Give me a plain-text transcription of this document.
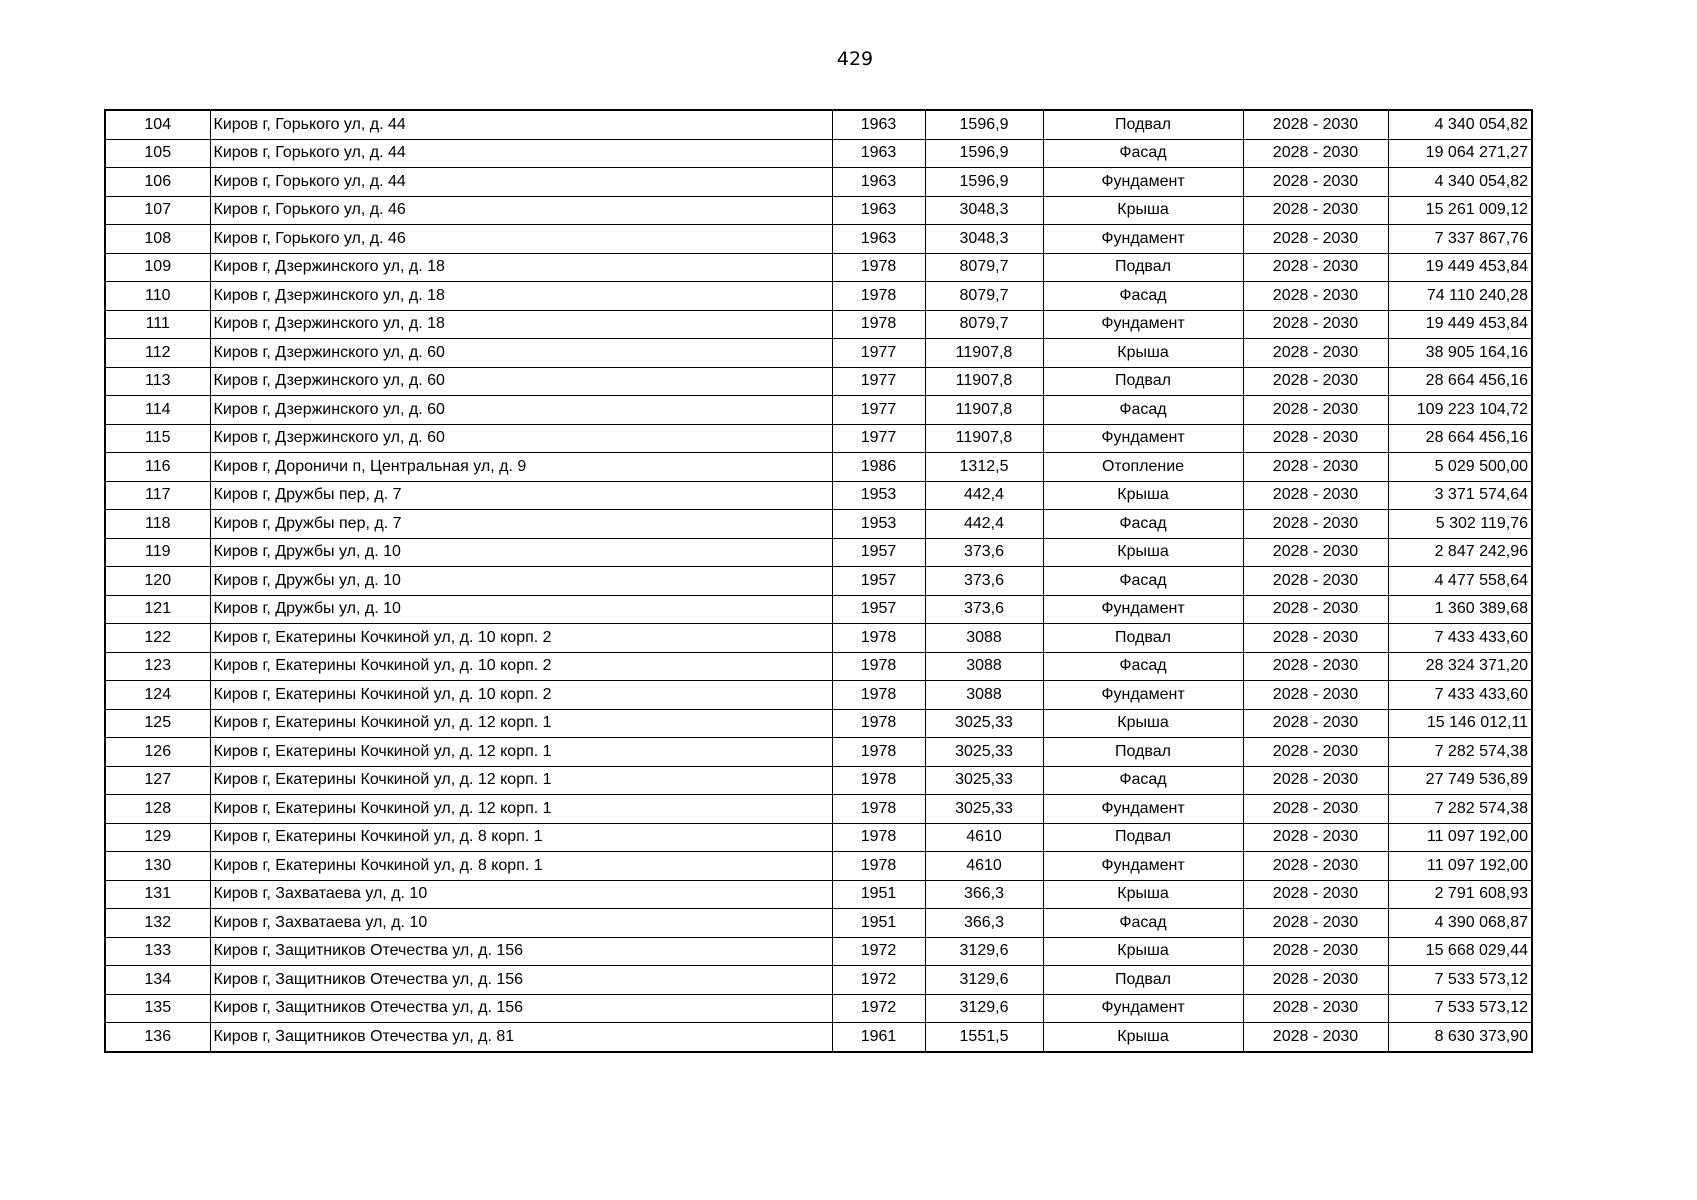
429
104	Киров г, Горького ул, д. 44	1963	1596,9	Подвал	2028 - 2030	4 340 054,82
105	Киров г, Горького ул, д. 44	1963	1596,9	Фасад	2028 - 2030	19 064 271,27
106	Киров г, Горького ул, д. 44	1963	1596,9	Фундамент	2028 - 2030	4 340 054,82
107	Киров г, Горького ул, д. 46	1963	3048,3	Крыша	2028 - 2030	15 261 009,12
108	Киров г, Горького ул, д. 46	1963	3048,3	Фундамент	2028 - 2030	7 337 867,76
109	Киров г, Дзержинского ул, д. 18	1978	8079,7	Подвал	2028 - 2030	19 449 453,84
110	Киров г, Дзержинского ул, д. 18	1978	8079,7	Фасад	2028 - 2030	74 110 240,28
111	Киров г, Дзержинского ул, д. 18	1978	8079,7	Фундамент	2028 - 2030	19 449 453,84
112	Киров г, Дзержинского ул, д. 60	1977	11907,8	Крыша	2028 - 2030	38 905 164,16
113	Киров г, Дзержинского ул, д. 60	1977	11907,8	Подвал	2028 - 2030	28 664 456,16
114	Киров г, Дзержинского ул, д. 60	1977	11907,8	Фасад	2028 - 2030	109 223 104,72
115	Киров г, Дзержинского ул, д. 60	1977	11907,8	Фундамент	2028 - 2030	28 664 456,16
116	Киров г, Дороничи п, Центральная ул, д. 9	1986	1312,5	Отопление	2028 - 2030	5 029 500,00
117	Киров г, Дружбы пер, д. 7	1953	442,4	Крыша	2028 - 2030	3 371 574,64
118	Киров г, Дружбы пер, д. 7	1953	442,4	Фасад	2028 - 2030	5 302 119,76
119	Киров г, Дружбы ул, д. 10	1957	373,6	Крыша	2028 - 2030	2 847 242,96
120	Киров г, Дружбы ул, д. 10	1957	373,6	Фасад	2028 - 2030	4 477 558,64
121	Киров г, Дружбы ул, д. 10	1957	373,6	Фундамент	2028 - 2030	1 360 389,68
122	Киров г, Екатерины Кочкиной ул, д. 10 корп. 2	1978	3088	Подвал	2028 - 2030	7 433 433,60
123	Киров г, Екатерины Кочкиной ул, д. 10 корп. 2	1978	3088	Фасад	2028 - 2030	28 324 371,20
124	Киров г, Екатерины Кочкиной ул, д. 10 корп. 2	1978	3088	Фундамент	2028 - 2030	7 433 433,60
125	Киров г, Екатерины Кочкиной ул, д. 12 корп. 1	1978	3025,33	Крыша	2028 - 2030	15 146 012,11
126	Киров г, Екатерины Кочкиной ул, д. 12 корп. 1	1978	3025,33	Подвал	2028 - 2030	7 282 574,38
127	Киров г, Екатерины Кочкиной ул, д. 12 корп. 1	1978	3025,33	Фасад	2028 - 2030	27 749 536,89
128	Киров г, Екатерины Кочкиной ул, д. 12 корп. 1	1978	3025,33	Фундамент	2028 - 2030	7 282 574,38
129	Киров г, Екатерины Кочкиной ул, д. 8 корп. 1	1978	4610	Подвал	2028 - 2030	11 097 192,00
130	Киров г, Екатерины Кочкиной ул, д. 8 корп. 1	1978	4610	Фундамент	2028 - 2030	11 097 192,00
131	Киров г, Захватаева ул, д. 10	1951	366,3	Крыша	2028 - 2030	2 791 608,93
132	Киров г, Захватаева ул, д. 10	1951	366,3	Фасад	2028 - 2030	4 390 068,87
133	Киров г, Защитников Отечества ул, д. 156	1972	3129,6	Крыша	2028 - 2030	15 668 029,44
134	Киров г, Защитников Отечества ул, д. 156	1972	3129,6	Подвал	2028 - 2030	7 533 573,12
135	Киров г, Защитников Отечества ул, д. 156	1972	3129,6	Фундамент	2028 - 2030	7 533 573,12
136	Киров г, Защитников Отечества ул, д. 81	1961	1551,5	Крыша	2028 - 2030	8 630 373,90
